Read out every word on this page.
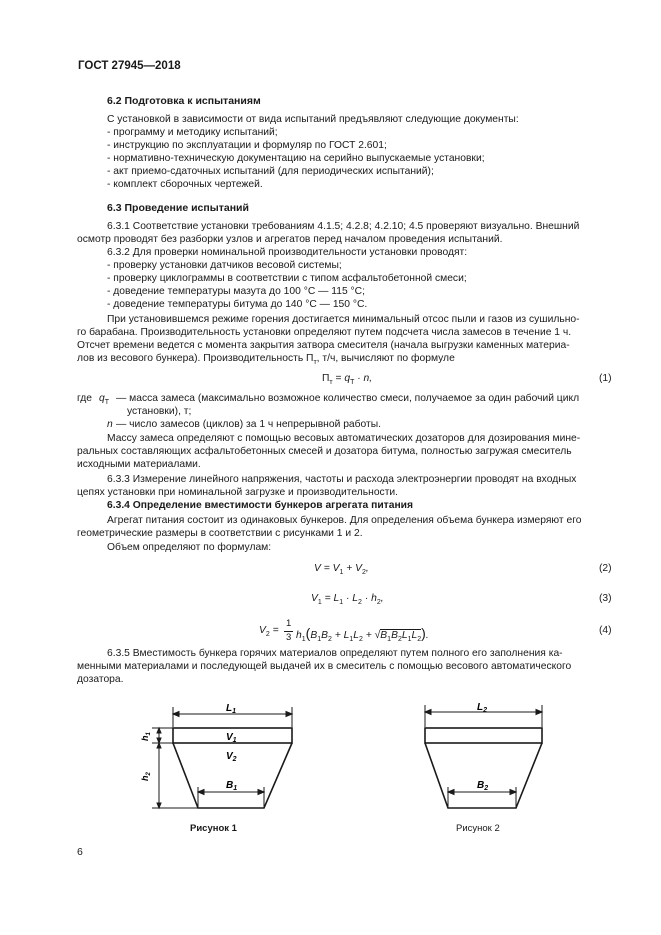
ГОСТ 27945—2018
6.2 Подготовка к испытаниям
С установкой в зависимости от вида испытаний предъявляют следующие документы:
- программу и методику испытаний;
- инструкцию по эксплуатации и формуляр по ГОСТ 2.601;
- нормативно-техническую документацию на серийно выпускаемые установки;
- акт приемо-сдаточных испытаний (для периодических испытаний);
- комплект сборочных чертежей.
6.3 Проведение испытаний
6.3.1 Соответствие установки требованиям 4.1.5; 4.2.8; 4.2.10; 4.5 проверяют визуально. Внешний
осмотр проводят без разборки узлов и агрегатов перед началом проведения испытаний.
6.3.2 Для проверки номинальной производительности установки проводят:
- проверку установки датчиков весовой системы;
- проверку циклограммы в соответствии с типом асфальтобетонной смеси;
- доведение температуры мазута до 100 °С — 115 °С;
- доведение температуры битума до 140 °С — 150 °С.
При установившемся режиме горения достигается минимальный отсос пыли и газов из сушильно-
го барабана. Производительность установки определяют путем подсчета числа замесов в течение 1 ч.
Отсчет времени ведется с момента закрытия затвора смесителя (начала выгрузки каменных материа-
лов из весового бункера). Производительность $П_т$, т/ч, вычисляют по формуле
$П_т = q_Т \cdot n$,	(1)
где $q_Т$ — масса замеса (максимально возможное количество смеси, получаемое за один рабочий цикл
установки), т;
n — число замесов (циклов) за 1 ч непрерывной работы.
Массу замеса определяют с помощью весовых автоматических дозаторов для дозирования мине-
ральных составляющих асфальтобетонных смесей и дозатора битума, полностью загружая смеситель
исходными материалами.
6.3.3 Измерение линейного напряжения, частоты и расхода электроэнергии проводят на входных
цепях установки при номинальной загрузке и производительности.
6.3.4 Определение вместимости бункеров агрегата питания
Агрегат питания состоит из одинаковых бункеров. Для определения объема бункера измеряют его
геометрические размеры в соответствии с рисунками 1 и 2.
Объем определяют по формулам:
$V = V_1 + V_2$,	(2)
$V_1 = L_1 \cdot L_2 \cdot h_2$,	(3)
$V_2$ =
1
3 $h_1(B_1B_2 + L_1L_2 + √B_1B_2L_1L_2)$.	(4)
6.3.5 Вместимость бункера горячих материалов определяют путем полного его заполнения ка-
менными материалами и последующей выдачей их в смеситель с помощью весового автоматического
дозатора.
$L_1$
$V_1$
$V_2$
$B_1$
$h_1$
$h_2$
Рисунок 1
$L_2$
$B_2$
Рисунок 2
6
